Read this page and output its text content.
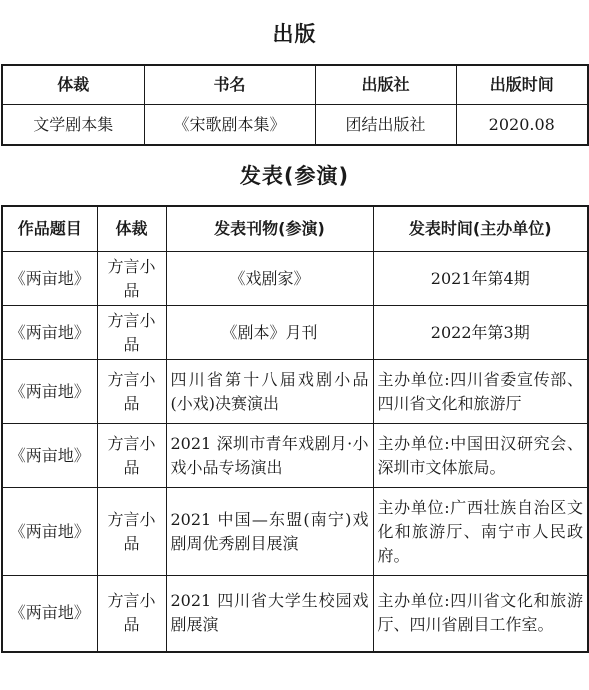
出版
体裁	书名	出版社	出版时间
文学剧本集	《宋歌剧本集》	团结出版社	2020.08
发表(参演)
作品题目	体裁	发表刊物(参演)	发表时间(主办单位)
《两亩地》	方言小品	《戏剧家》	2021年第4期
《两亩地》	方言小品	《剧本》月刊	2022年第3期
《两亩地》	方言小品	四川省第十八届戏剧小品(小戏)决赛演出	主办单位:四川省委宣传部、四川省文化和旅游厅
《两亩地》	方言小品	2021 深圳市青年戏剧月·小戏小品专场演出	主办单位:中国田汉研究会、深圳市文体旅局。
《两亩地》	方言小品	2021 中国—东盟(南宁)戏剧周优秀剧目展演	主办单位:广西壮族自治区文化和旅游厅、南宁市人民政府。
《两亩地》	方言小品	2021 四川省大学生校园戏剧展演	主办单位:四川省文化和旅游厅、四川省剧目工作室。
